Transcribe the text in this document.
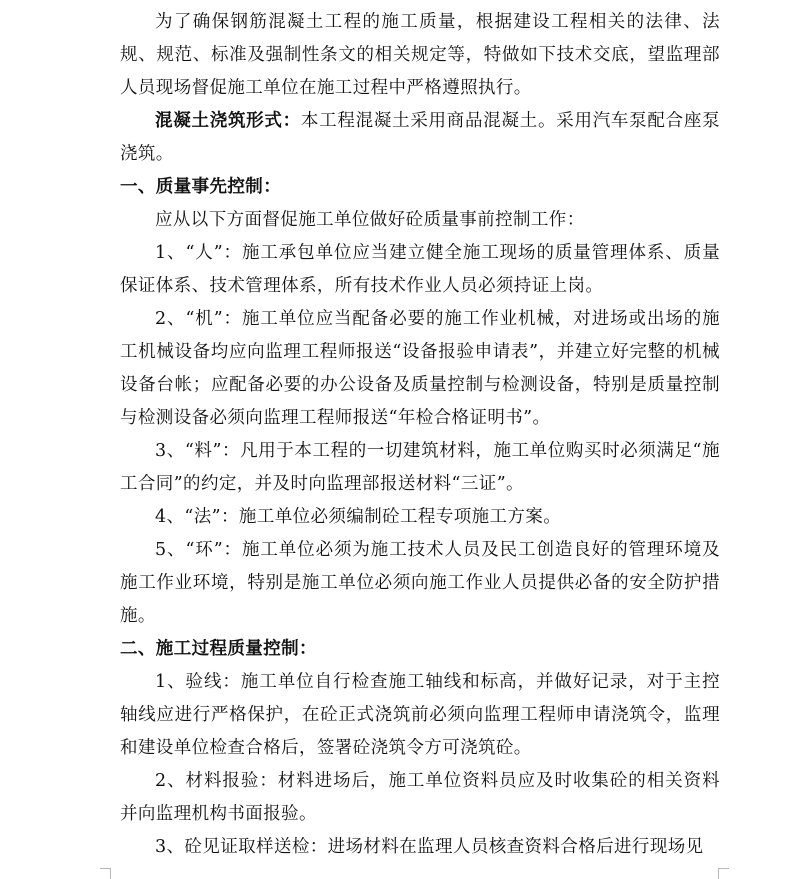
为了确保钢筋混凝土工程的施工质量，根据建设工程相关的法律、法规、规范、标准及强制性条文的相关规定等，特做如下技术交底，望监理部人员现场督促施工单位在施工过程中严格遵照执行。

混凝土浇筑形式：本工程混凝土采用商品混凝土。采用汽车泵配合座泵浇筑。

一、质量事先控制：

应从以下方面督促施工单位做好砼质量事前控制工作：

1、“人”：施工承包单位应当建立健全施工现场的质量管理体系、质量保证体系、技术管理体系，所有技术作业人员必须持证上岗。

2、“机”：施工单位应当配备必要的施工作业机械，对进场或出场的施工机械设备均应向监理工程师报送“设备报验申请表”，并建立好完整的机械设备台帐；应配备必要的办公设备及质量控制与检测设备，特别是质量控制与检测设备必须向监理工程师报送“年检合格证明书”。

3、“料”：凡用于本工程的一切建筑材料，施工单位购买时必须满足“施工合同”的约定，并及时向监理部报送材料“三证”。

4、“法”：施工单位必须编制砼工程专项施工方案。

5、“环”：施工单位必须为施工技术人员及民工创造良好的管理环境及施工作业环境，特别是施工单位必须向施工作业人员提供必备的安全防护措施。

二、施工过程质量控制：

1、验线：施工单位自行检查施工轴线和标高，并做好记录，对于主控轴线应进行严格保护，在砼正式浇筑前必须向监理工程师申请浇筑令，监理和建设单位检查合格后，签署砼浇筑令方可浇筑砼。

2、材料报验：材料进场后，施工单位资料员应及时收集砼的相关资料并向监理机构书面报验。

3、砼见证取样送检：进场材料在监理人员核查资料合格后进行现场见
